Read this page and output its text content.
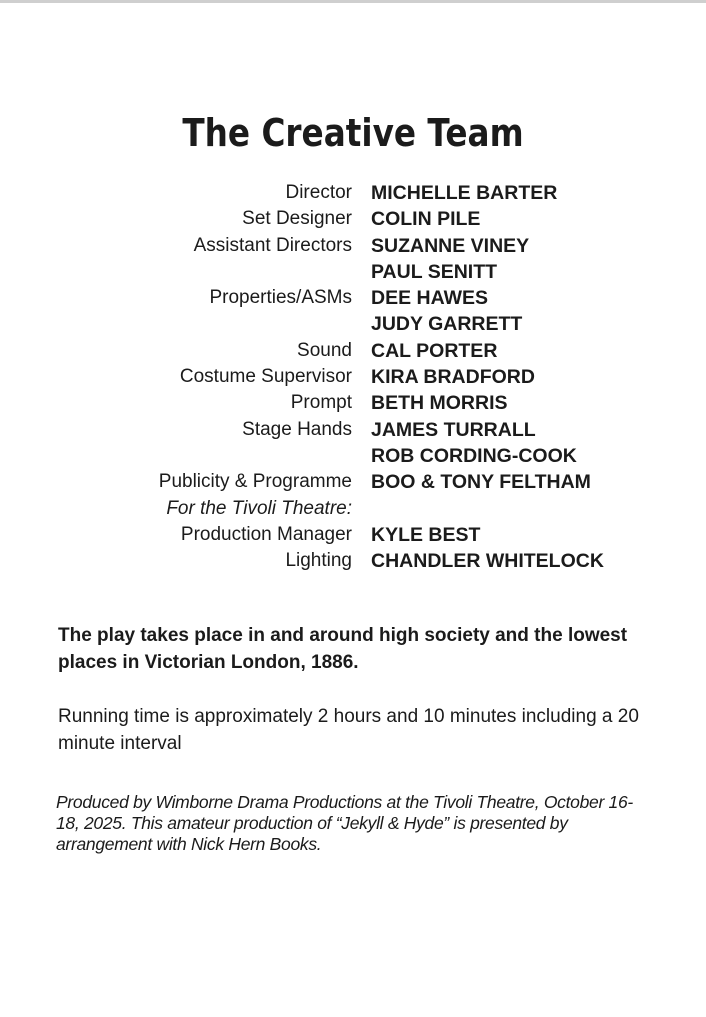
The Creative Team
Director MICHELLE BARTER
Set Designer COLIN PILE
Assistant Directors SUZANNE VINEY
PAUL SENITT
Properties/ASMs DEE HAWES
JUDY GARRETT
Sound CAL PORTER
Costume Supervisor KIRA BRADFORD
Prompt BETH MORRIS
Stage Hands JAMES TURRALL
ROB CORDING-COOK
Publicity & Programme BOO & TONY FELTHAM
For the Tivoli Theatre:
Production Manager KYLE BEST
Lighting CHANDLER WHITELOCK

The play takes place in and around high society and the lowest places in Victorian London, 1886.

Running time is approximately 2 hours and 10 minutes including a 20 minute interval

Produced by Wimborne Drama Productions at the Tivoli Theatre, October 16-18, 2025. This amateur production of “Jekyll & Hyde” is presented by arrangement with Nick Hern Books.
